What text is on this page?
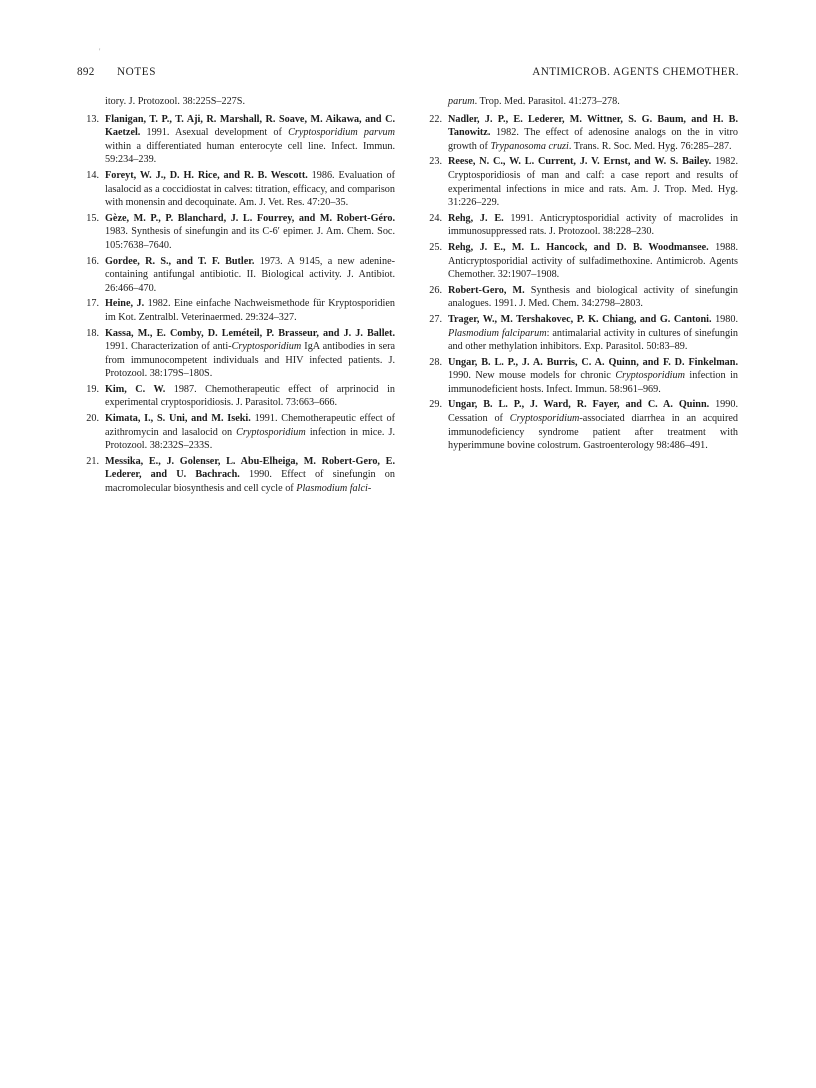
'
892 NOTES	ANTIMICROB. AGENTS CHEMOTHER.
itory. J. Protozool. 38:225S–227S.
13. Flanigan, T. P., T. Aji, R. Marshall, R. Soave, M. Aikawa, and C. Kaetzel. 1991. Asexual development of Cryptosporidium parvum within a differentiated human enterocyte cell line. Infect. Immun. 59:234–239.
14. Foreyt, W. J., D. H. Rice, and R. B. Wescott. 1986. Evaluation of lasalocid as a coccidiostat in calves: titration, efficacy, and comparison with monensin and decoquinate. Am. J. Vet. Res. 47:20–35.
15. Gèze, M. P., P. Blanchard, J. L. Fourrey, and M. Robert-Géro. 1983. Synthesis of sinefungin and its C-6′ epimer. J. Am. Chem. Soc. 105:7638–7640.
16. Gordee, R. S., and T. F. Butler. 1973. A 9145, a new adenine-containing antifungal antibiotic. II. Biological activity. J. Antibiot. 26:466–470.
17. Heine, J. 1982. Eine einfache Nachweismethode für Kryptosporidien im Kot. Zentralbl. Veterinaermed. 29:324–327.
18. Kassa, M., E. Comby, D. Leméteil, P. Brasseur, and J. J. Ballet. 1991. Characterization of anti-Cryptosporidium IgA antibodies in sera from immunocompetent individuals and HIV infected patients. J. Protozool. 38:179S–180S.
19. Kim, C. W. 1987. Chemotherapeutic effect of arprinocid in experimental cryptosporidiosis. J. Parasitol. 73:663–666.
20. Kimata, I., S. Uni, and M. Iseki. 1991. Chemotherapeutic effect of azithromycin and lasalocid on Cryptosporidium infection in mice. J. Protozool. 38:232S–233S.
21. Messika, E., J. Golenser, L. Abu-Elheiga, M. Robert-Gero, E. Lederer, and U. Bachrach. 1990. Effect of sinefungin on macromolecular biosynthesis and cell cycle of Plasmodium falci-
parum. Trop. Med. Parasitol. 41:273–278.
22. Nadler, J. P., E. Lederer, M. Wittner, S. G. Baum, and H. B. Tanowitz. 1982. The effect of adenosine analogs on the in vitro growth of Trypanosoma cruzi. Trans. R. Soc. Med. Hyg. 76:285–287.
23. Reese, N. C., W. L. Current, J. V. Ernst, and W. S. Bailey. 1982. Cryptosporidiosis of man and calf: a case report and results of experimental infections in mice and rats. Am. J. Trop. Med. Hyg. 31:226–229.
24. Rehg, J. E. 1991. Anticryptosporidial activity of macrolides in immunosuppressed rats. J. Protozool. 38:228–230.
25. Rehg, J. E., M. L. Hancock, and D. B. Woodmansee. 1988. Anticryptosporidial activity of sulfadimethoxine. Antimicrob. Agents Chemother. 32:1907–1908.
26. Robert-Gero, M. Synthesis and biological activity of sinefungin analogues. 1991. J. Med. Chem. 34:2798–2803.
27. Trager, W., M. Tershakovec, P. K. Chiang, and G. Cantoni. 1980. Plasmodium falciparum: antimalarial activity in cultures of sinefungin and other methylation inhibitors. Exp. Parasitol. 50:83–89.
28. Ungar, B. L. P., J. A. Burris, C. A. Quinn, and F. D. Finkelman. 1990. New mouse models for chronic Cryptosporidium infection in immunodeficient hosts. Infect. Immun. 58:961–969.
29. Ungar, B. L. P., J. Ward, R. Fayer, and C. A. Quinn. 1990. Cessation of Cryptosporidium-associated diarrhea in an acquired immunodeficiency syndrome patient after treatment with hyperimmune bovine colostrum. Gastroenterology 98:486–491.
